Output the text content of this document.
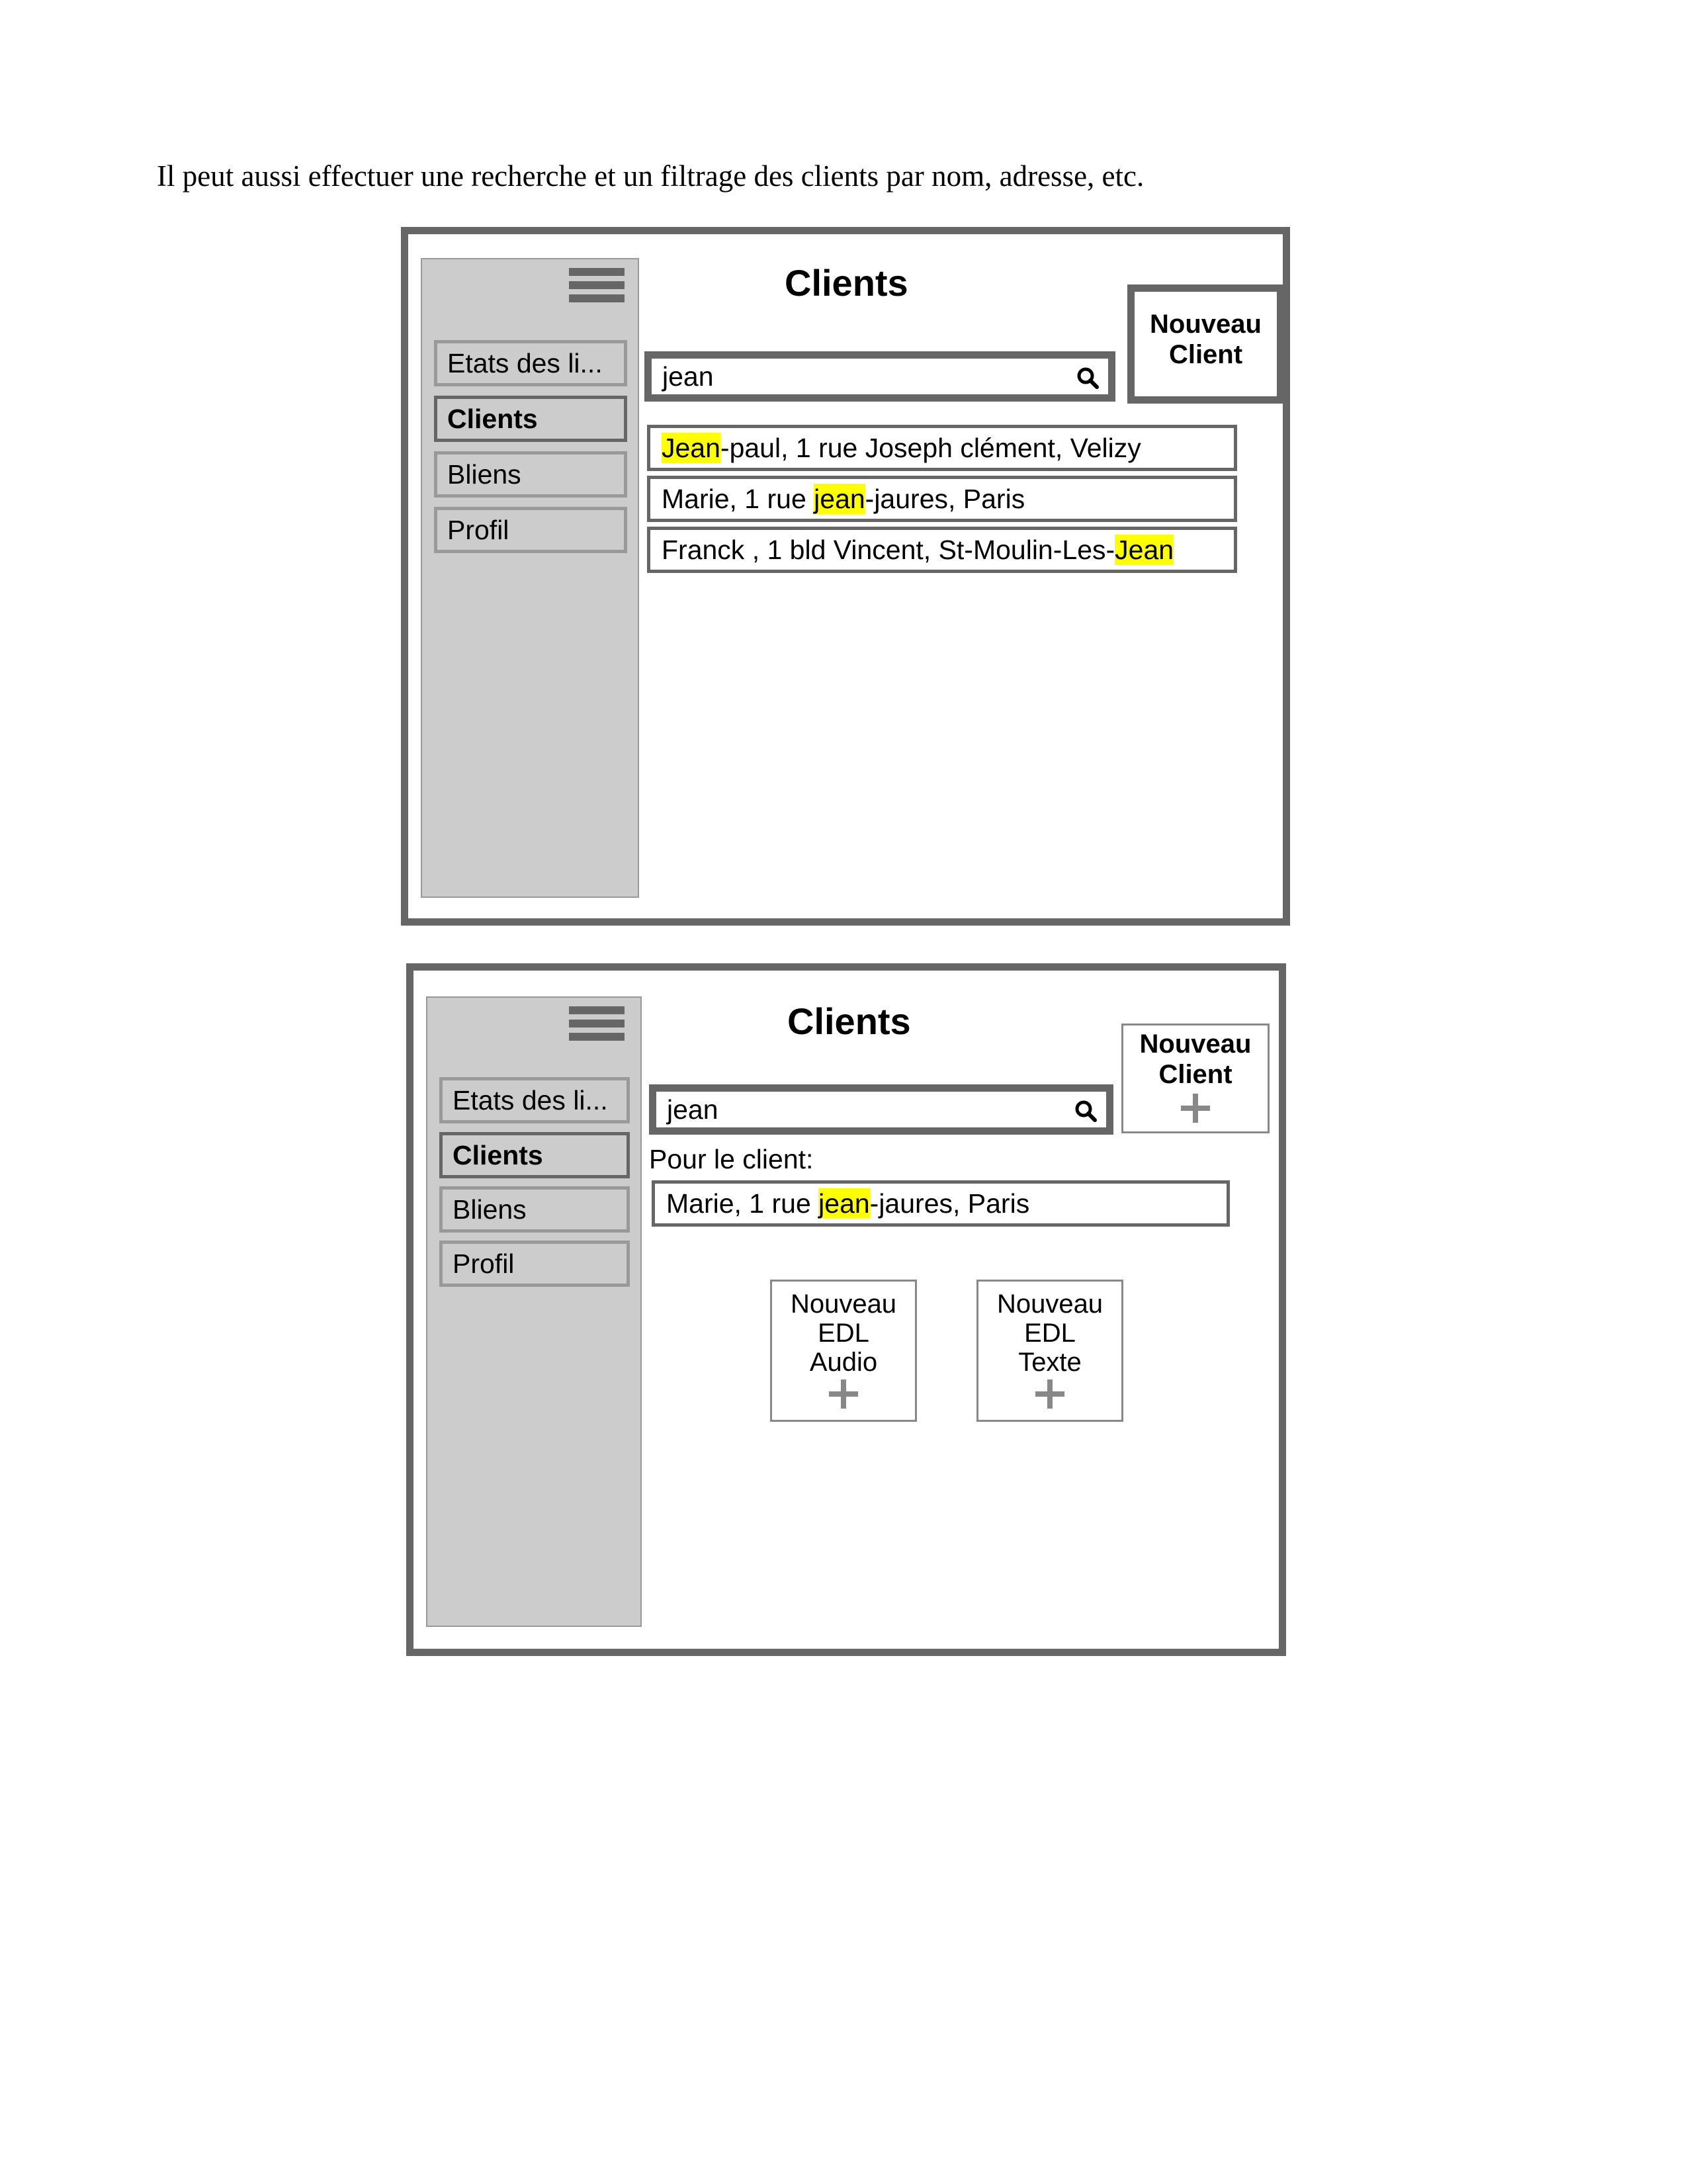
Il peut aussi effectuer une recherche et un filtrage des clients par nom, adresse, etc.
Etats des li...
Clients
Bliens
Profil
Clients
Nouveau
Client
jean
Jean-paul, 1 rue Joseph clément, Velizy
Marie, 1 rue jean-jaures, Paris
Franck , 1 bld Vincent, St-Moulin-Les-Jean
Etats des li...
Clients
Bliens
Profil
Clients
Nouveau
Client
jean
Pour le client:
Marie, 1 rue jean-jaures, Paris
Nouveau
EDL
Audio
Nouveau
EDL
Texte
